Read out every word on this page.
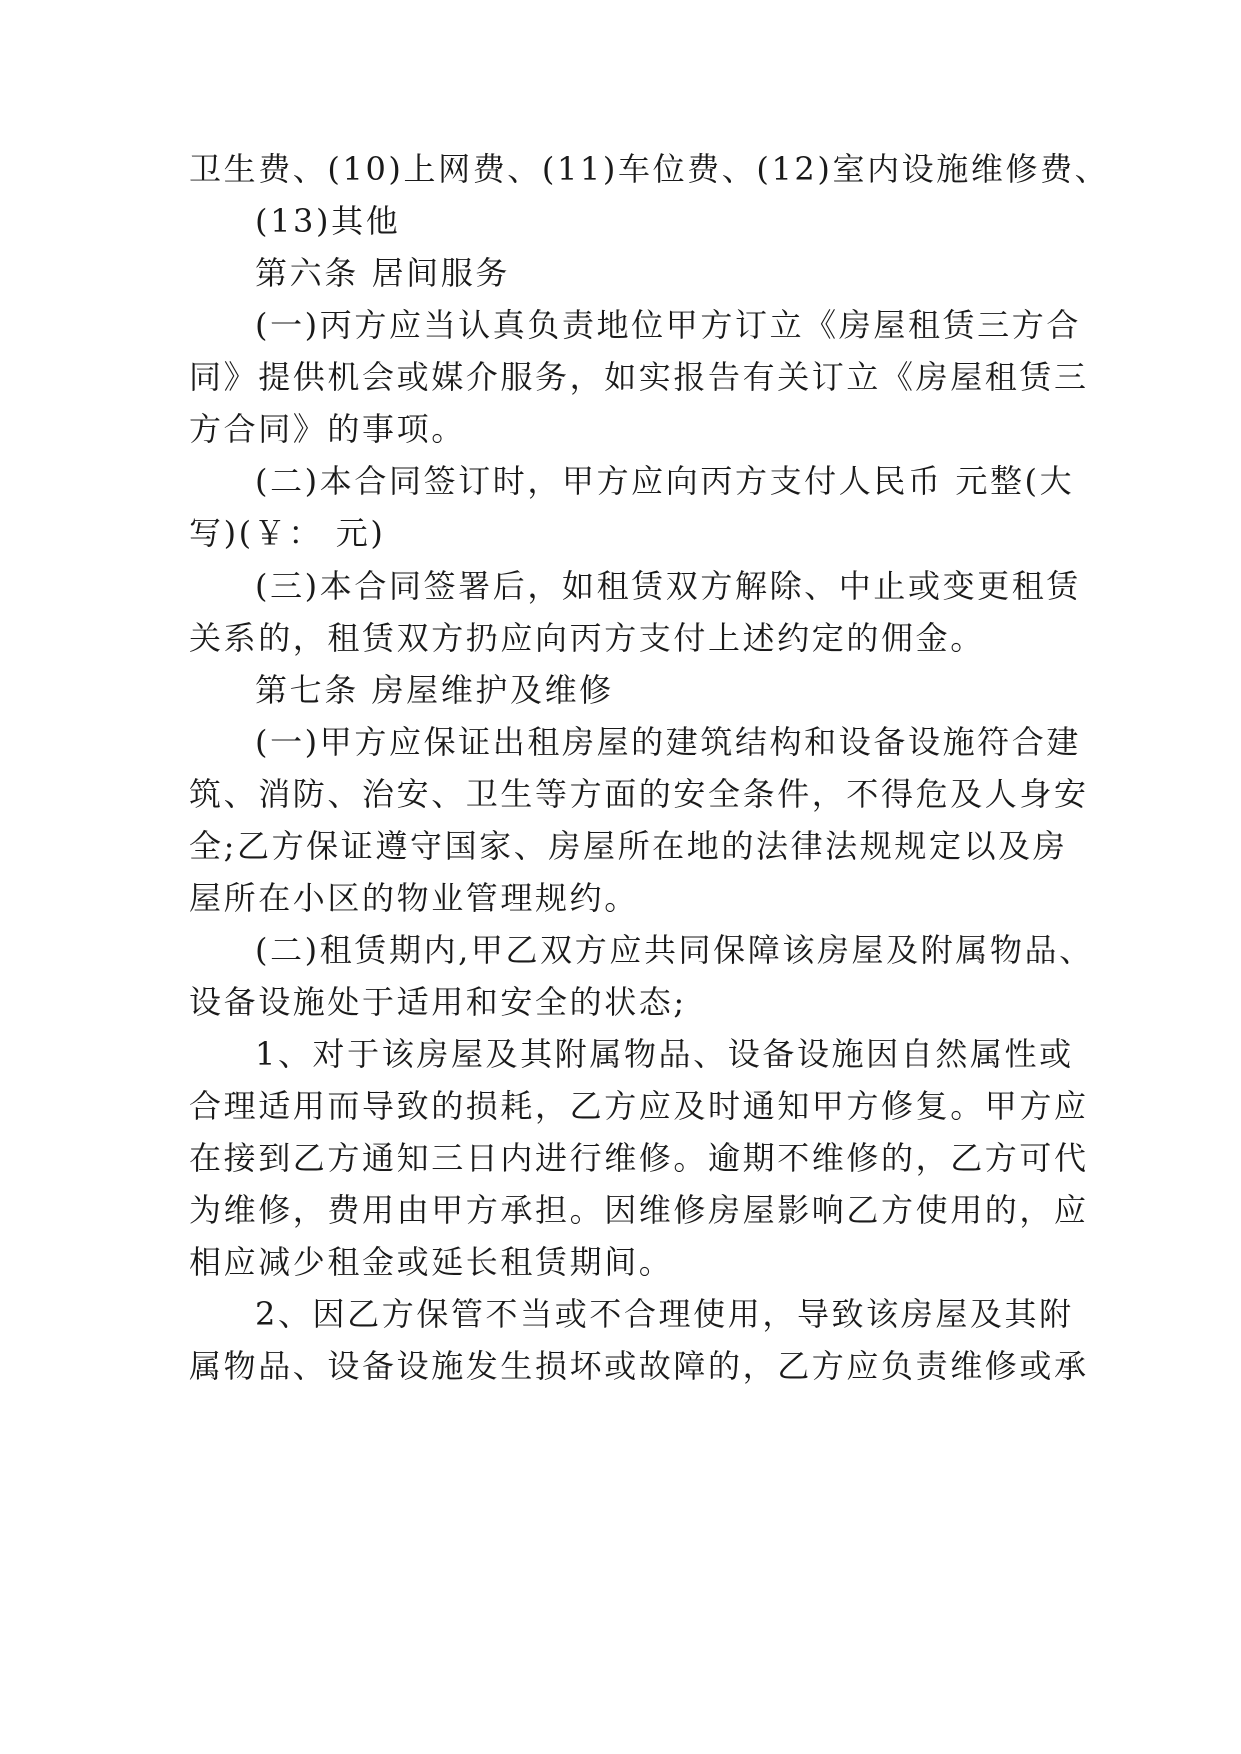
卫生费、(10)上网费、(11)车位费、(12)室内设施维修费、
(13)其他
第六条 居间服务
(一)丙方应当认真负责地位甲方订立《房屋租赁三方合
同》提供机会或媒介服务，如实报告有关订立《房屋租赁三
方合同》的事项。
(二)本合同签订时，甲方应向丙方支付人民币 元整(大
写)(￥： 元)
(三)本合同签署后，如租赁双方解除、中止或变更租赁
关系的，租赁双方扔应向丙方支付上述约定的佣金。
第七条 房屋维护及维修
(一)甲方应保证出租房屋的建筑结构和设备设施符合建
筑、消防、治安、卫生等方面的安全条件，不得危及人身安
全;乙方保证遵守国家、房屋所在地的法律法规规定以及房
屋所在小区的物业管理规约。
(二)租赁期内,甲乙双方应共同保障该房屋及附属物品、
设备设施处于适用和安全的状态;
1、对于该房屋及其附属物品、设备设施因自然属性或
合理适用而导致的损耗，乙方应及时通知甲方修复。甲方应
在接到乙方通知三日内进行维修。逾期不维修的，乙方可代
为维修，费用由甲方承担。因维修房屋影响乙方使用的，应
相应减少租金或延长租赁期间。
2、因乙方保管不当或不合理使用，导致该房屋及其附
属物品、设备设施发生损坏或故障的，乙方应负责维修或承
